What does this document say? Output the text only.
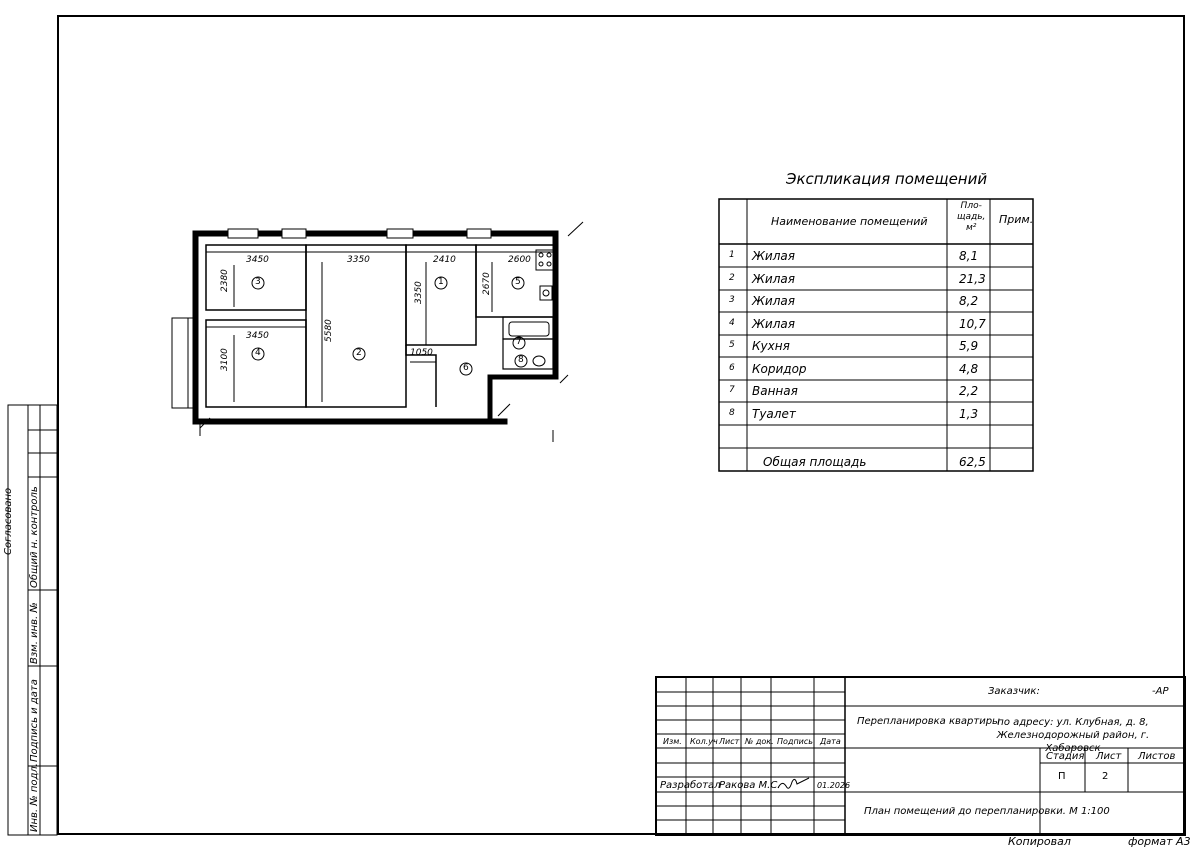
3450	3350	2410	2600
3450
1050
2380
3350	2670
5580
3100
3	1	5
4	2
7
8
6
Экспликация помещений
Наименование помещений
Пло-
щадь,
м²
Прим.
1 Жилая	8,1
2 Жилая	21,3
3 Жилая	8,2
4 Жилая	10,7
5 Кухня	5,9
6 Коридор	4,8
7 Ванная	2,2
8 Туалет	1,3
Общая площадь	62,5
Согласовано Общий н. контроль
Взм. инв. №
Подпись и дата
Инв. № подл.
Изм. Кол.уч Лист № док. Подпись Дата
Разработал
Ракова М.С.	01.2026
Заказчик:	-АР
Перепланировка квартиры
по адресу: ул. Клубная, д. 8, Железнодорожный район, г. Хабаровск
Стадия Лист Листов
П	2
План помещений до перепланировки. М 1:100
Копировал	формат А3
